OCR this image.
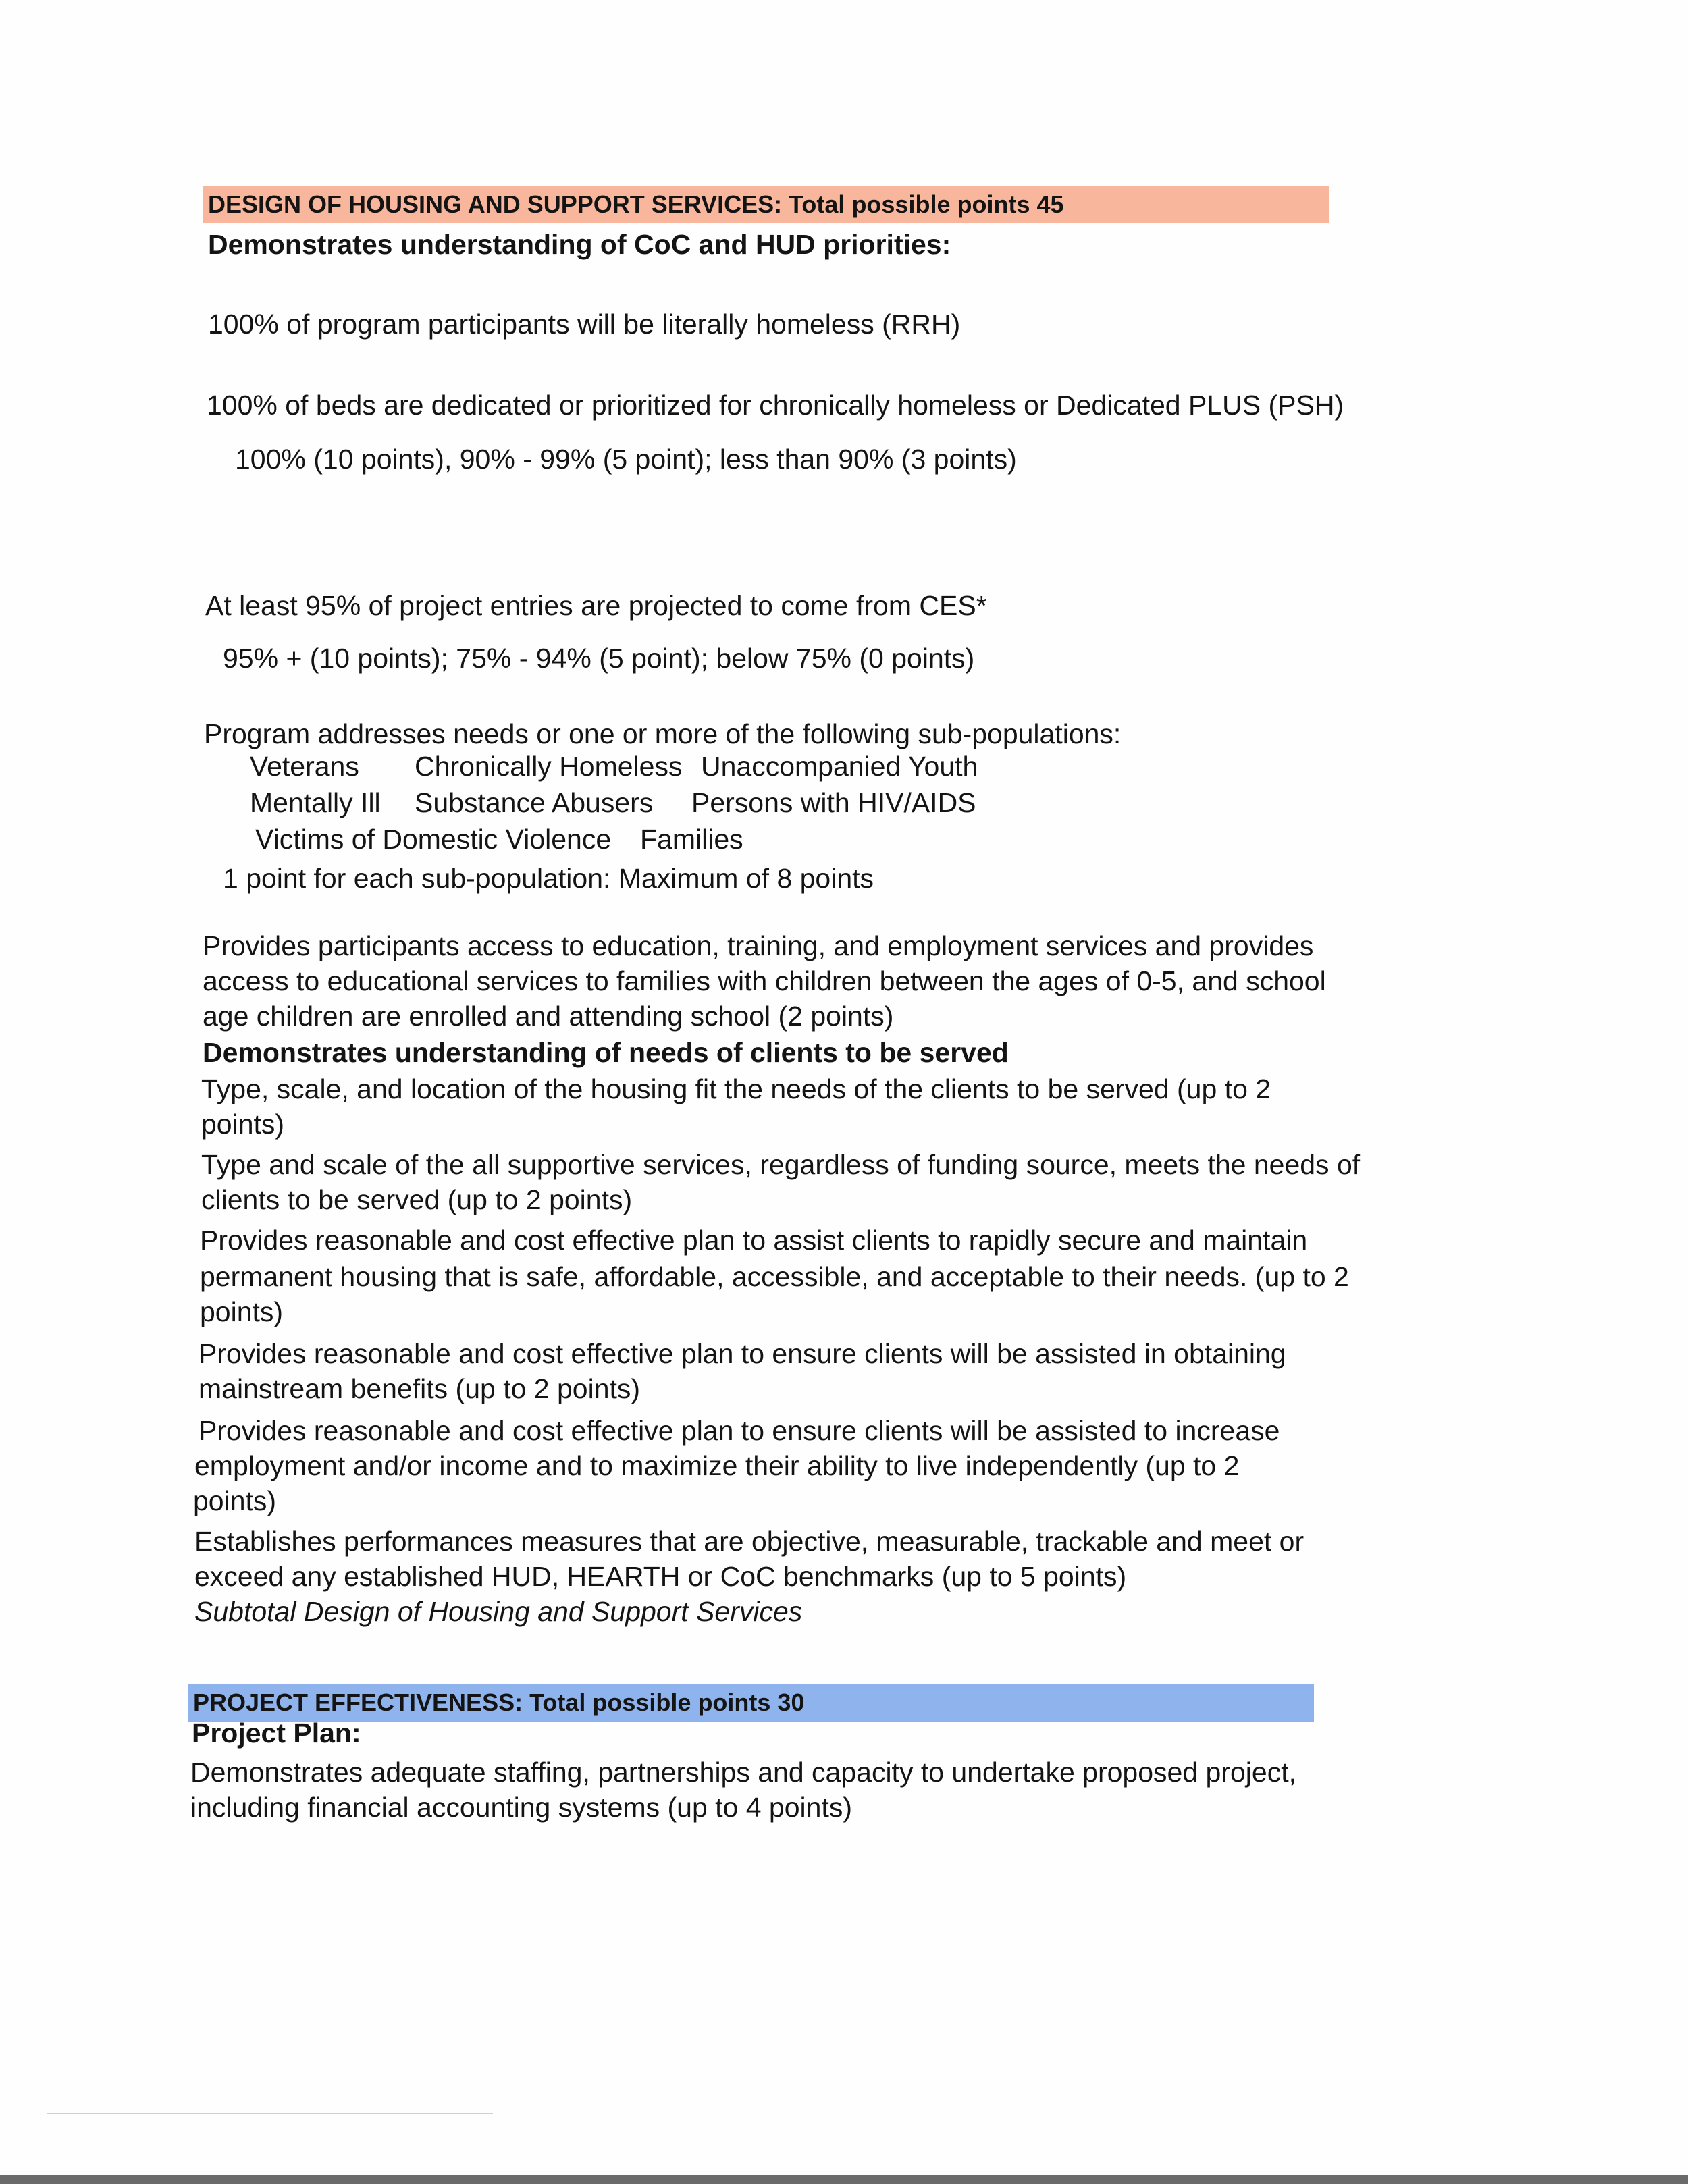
DESIGN OF HOUSING AND SUPPORT SERVICES: Total possible points 45
Demonstrates understanding of CoC and HUD priorities:
100% of program participants will be literally homeless (RRH)
100% of beds are dedicated or prioritized for chronically homeless or Dedicated PLUS (PSH)
100% (10 points), 90% - 99% (5 point); less than 90% (3 points)
At least 95% of project entries are projected to come from CES*
95% + (10 points); 75% - 94% (5 point); below 75% (0 points)
Program addresses needs or one or more of the following sub-populations:
Veterans Chronically Homeless Unaccompanied Youth
Mentally Ill Substance Abusers Persons with HIV/AIDS
Victims of Domestic Violence Families
1 point for each sub-population: Maximum of 8 points
Provides participants access to education, training, and employment services and provides
access to educational services to families with children between the ages of 0-5, and school
age children are enrolled and attending school (2 points)
Demonstrates understanding of needs of clients to be served
Type, scale, and location of the housing fit the needs of the clients to be served (up to 2
points)
Type and scale of the all supportive services, regardless of funding source, meets the needs of
clients to be served (up to 2 points)
Provides reasonable and cost effective plan to assist clients to rapidly secure and maintain
permanent housing that is safe, affordable, accessible, and acceptable to their needs. (up to 2
points)
Provides reasonable and cost effective plan to ensure clients will be assisted in obtaining
mainstream benefits (up to 2 points)
Provides reasonable and cost effective plan to ensure clients will be assisted to increase
employment and/or income and to maximize their ability to live independently (up to 2
points)
Establishes performances measures that are objective, measurable, trackable and meet or
exceed any established HUD, HEARTH or CoC benchmarks (up to 5 points)
Subtotal Design of Housing and Support Services
PROJECT EFFECTIVENESS: Total possible points 30
Project Plan:
Demonstrates adequate staffing, partnerships and capacity to undertake proposed project,
including financial accounting systems (up to 4 points)
